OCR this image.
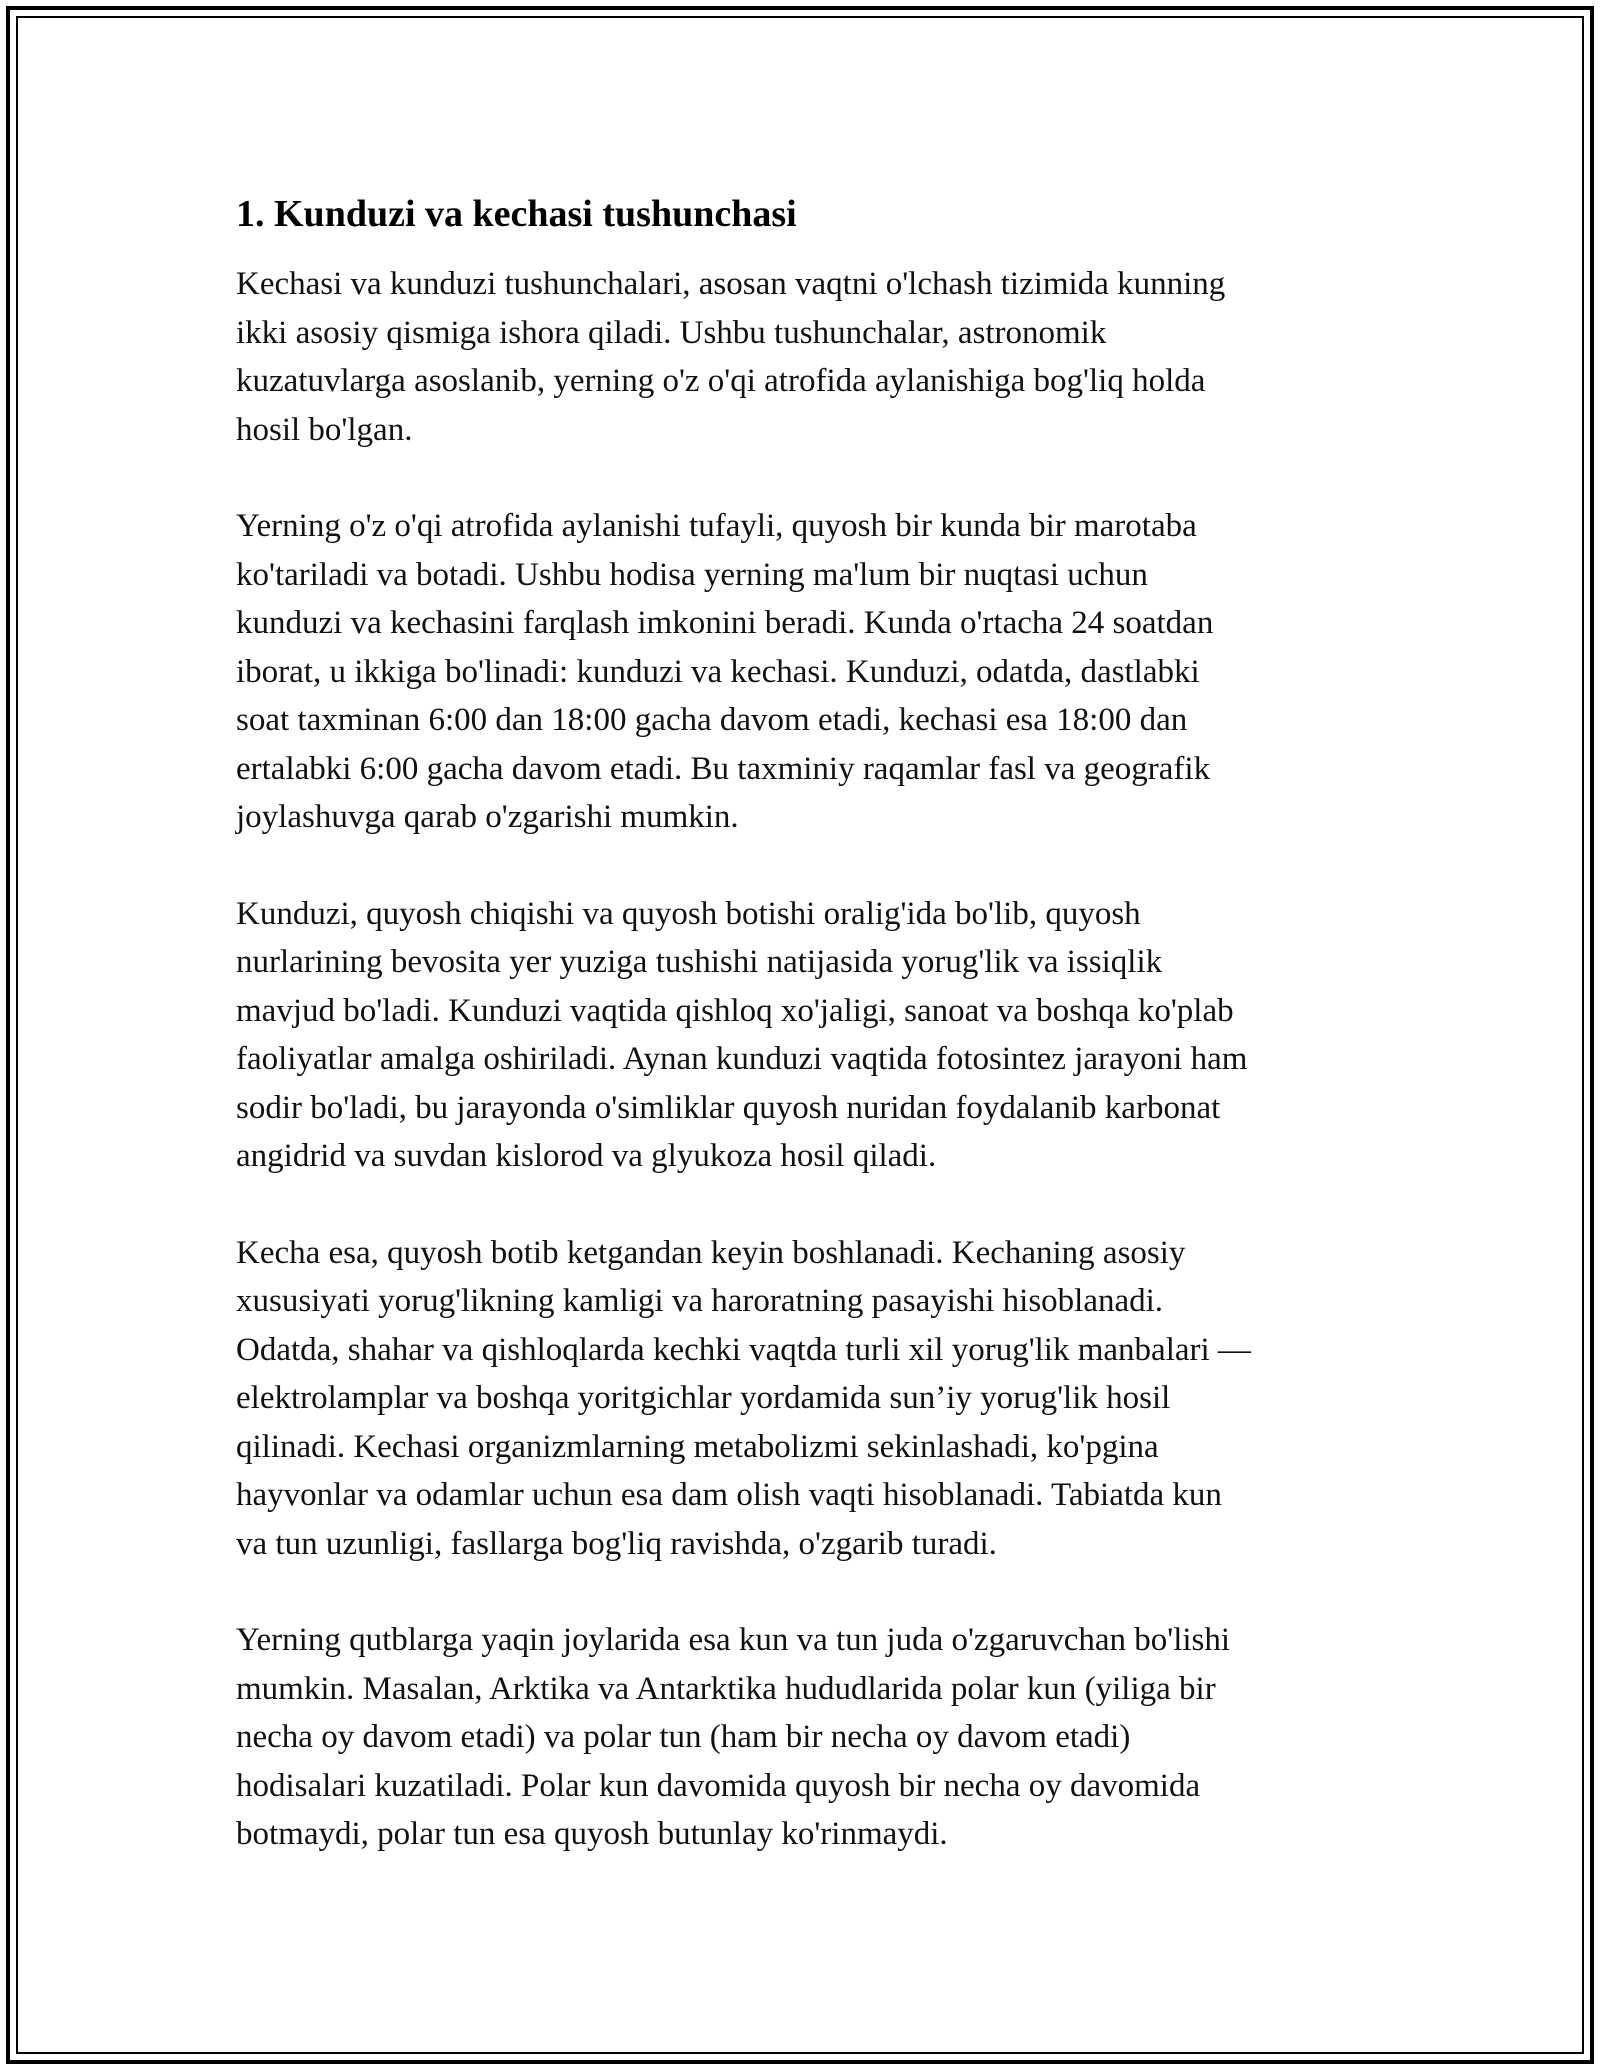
1. Kunduzi va kechasi tushunchasi

Kechasi va kunduzi tushunchalari, asosan vaqtni o'lchash tizimida kunning
ikki asosiy qismiga ishora qiladi. Ushbu tushunchalar, astronomik
kuzatuvlarga asoslanib, yerning o'z o'qi atrofida aylanishiga bog'liq holda
hosil bo'lgan.

Yerning o'z o'qi atrofida aylanishi tufayli, quyosh bir kunda bir marotaba
ko'tariladi va botadi. Ushbu hodisa yerning ma'lum bir nuqtasi uchun
kunduzi va kechasini farqlash imkonini beradi. Kunda o'rtacha 24 soatdan
iborat, u ikkiga bo'linadi: kunduzi va kechasi. Kunduzi, odatda, dastlabki
soat taxminan 6:00 dan 18:00 gacha davom etadi, kechasi esa 18:00 dan
ertalabki 6:00 gacha davom etadi. Bu taxminiy raqamlar fasl va geografik
joylashuvga qarab o'zgarishi mumkin.

Kunduzi, quyosh chiqishi va quyosh botishi oralig'ida bo'lib, quyosh
nurlarining bevosita yer yuziga tushishi natijasida yorug'lik va issiqlik
mavjud bo'ladi. Kunduzi vaqtida qishloq xo'jaligi, sanoat va boshqa ko'plab
faoliyatlar amalga oshiriladi. Aynan kunduzi vaqtida fotosintez jarayoni ham
sodir bo'ladi, bu jarayonda o'simliklar quyosh nuridan foydalanib karbonat
angidrid va suvdan kislorod va glyukoza hosil qiladi.

Kecha esa, quyosh botib ketgandan keyin boshlanadi. Kechaning asosiy
xususiyati yorug'likning kamligi va haroratning pasayishi hisoblanadi.
Odatda, shahar va qishloqlarda kechki vaqtda turli xil yorug'lik manbalari —
elektrolamplar va boshqa yoritgichlar yordamida sun’iy yorug'lik hosil
qilinadi. Kechasi organizmlarning metabolizmi sekinlashadi, ko'pgina
hayvonlar va odamlar uchun esa dam olish vaqti hisoblanadi. Tabiatda kun
va tun uzunligi, fasllarga bog'liq ravishda, o'zgarib turadi.

Yerning qutblarga yaqin joylarida esa kun va tun juda o'zgaruvchan bo'lishi
mumkin. Masalan, Arktika va Antarktika hududlarida polar kun (yiliga bir
necha oy davom etadi) va polar tun (ham bir necha oy davom etadi)
hodisalari kuzatiladi. Polar kun davomida quyosh bir necha oy davomida
botmaydi, polar tun esa quyosh butunlay ko'rinmaydi.
